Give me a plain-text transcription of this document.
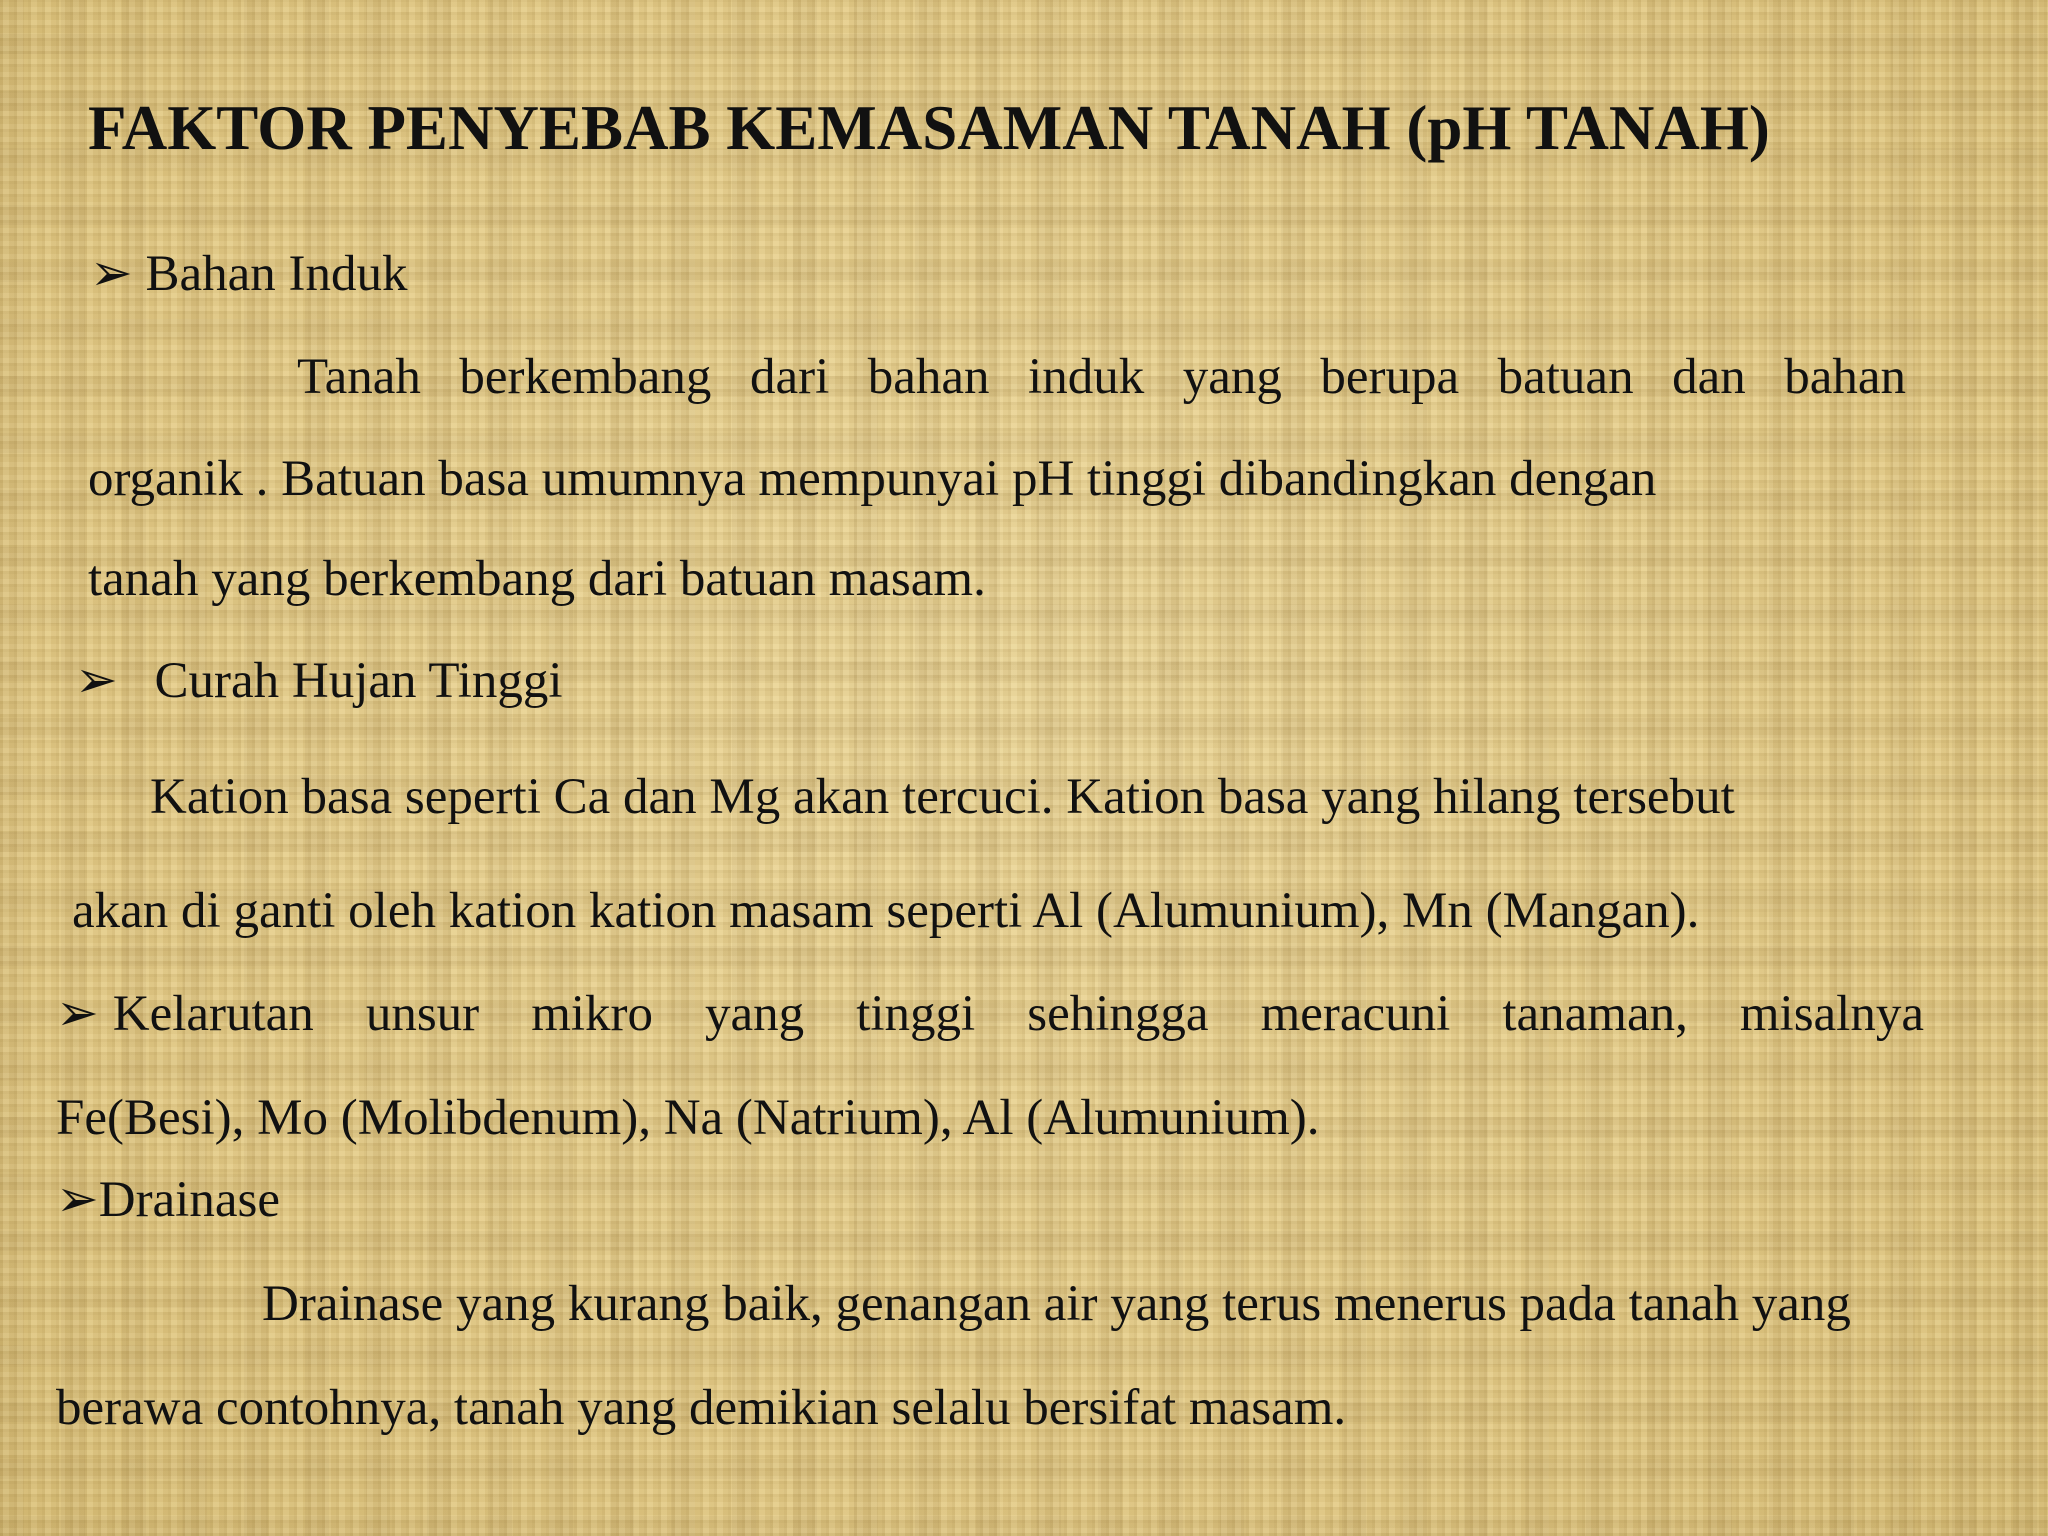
FAKTOR PENYEBAB KEMASAMAN TANAH (pH TANAH)
➢ Bahan Induk
Tanah berkembang dari bahan induk yang berupa batuan dan bahan
organik . Batuan basa umumnya mempunyai pH tinggi dibandingkan dengan
tanah yang berkembang dari batuan masam.
➢ Curah Hujan Tinggi
Kation basa seperti Ca dan Mg akan tercuci. Kation basa yang hilang tersebut
akan di ganti oleh kation kation masam seperti Al (Alumunium), Mn (Mangan).
➢ Kelarutan  unsur  mikro  yang  tinggi  sehingga  meracuni  tanaman,  misalnya
Fe(Besi), Mo (Molibdenum), Na (Natrium), Al (Alumunium).
➢Drainase
Drainase yang kurang baik, genangan air yang terus menerus pada tanah yang
berawa contohnya, tanah yang demikian selalu bersifat masam.
